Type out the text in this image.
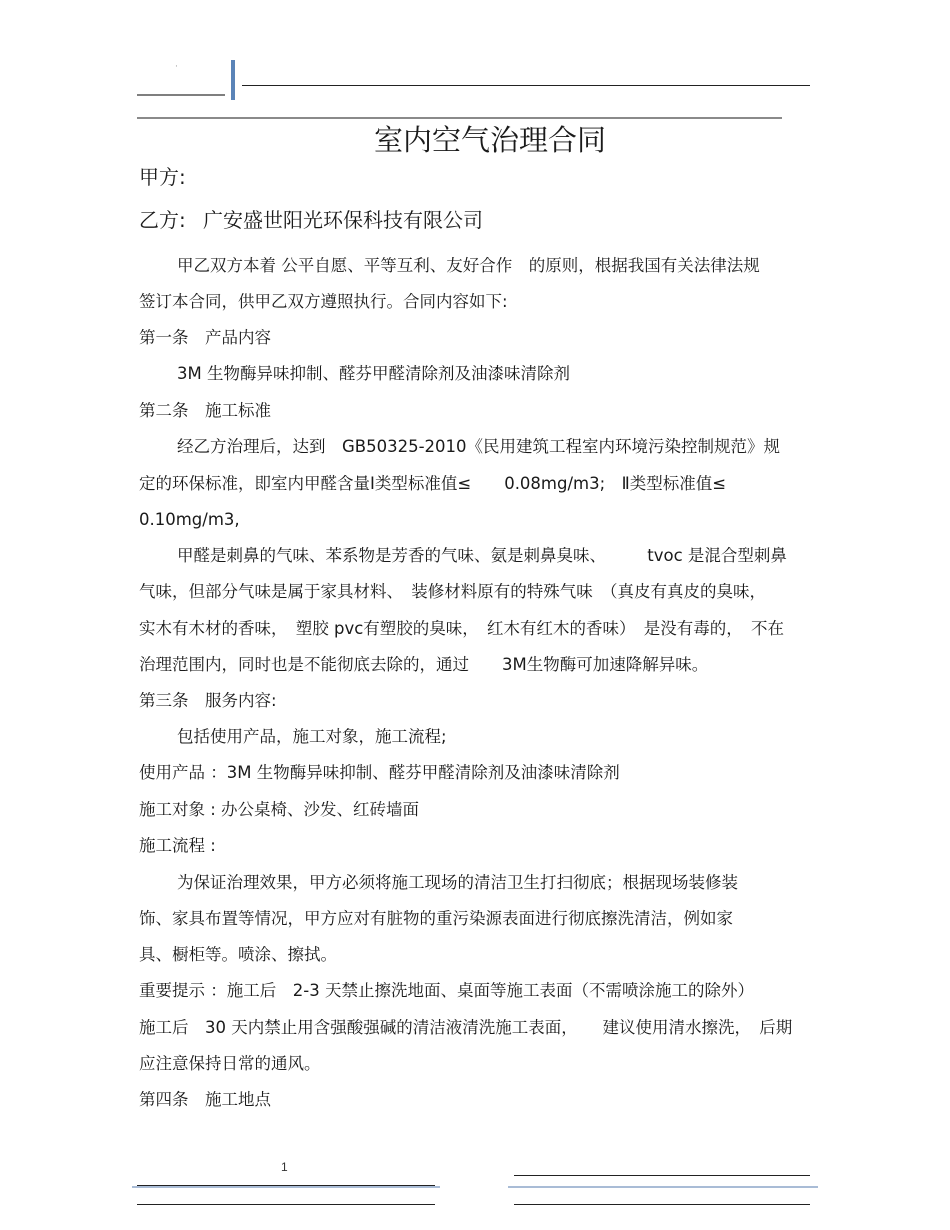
·
室内空气治理合同
甲方:
乙方: 广安盛世阳光环保科技有限公司
甲乙双方本着 公平自愿、平等互利、友好合作　的原则，根据我国有关法律法规
签订本合同，供甲乙双方遵照执行。合同内容如下:
第一条　产品内容
3M 生物酶异味抑制、醛芬甲醛清除剂及油漆味清除剂
第二条　施工标准
经乙方治理后，达到　GB50325-2010《民用建筑工程室内环境污染控制规范》规
定的环保标准，即室内甲醛含量Ⅰ类型标准值≤　　0.08mg/m3;　Ⅱ类型标准值≤
0.10mg/m3,
甲醛是刺鼻的气味、苯系物是芳香的气味、氨是刺鼻臭味、　　　tvoc 是混合型刺鼻
气味，但部分气味是属于家具材料、　装修材料原有的特殊气味　（真皮有真皮的臭味，
实木有木材的香味，　塑胶 pvc有塑胶的臭味，　红木有红木的香味）　是没有毒的，　不在
治理范围内，同时也是不能彻底去除的，通过　　3M生物酶可加速降解异味。
第三条　服务内容:
包括使用产品，施工对象，施工流程;
使用产品 ：3M 生物酶异味抑制、醛芬甲醛清除剂及油漆味清除剂
施工对象 : 办公桌椅、沙发、红砖墙面
施工流程 :
为保证治理效果，甲方必须将施工现场的清洁卫生打扫彻底；根据现场装修装
饰、家具布置等情况，甲方应对有脏物的重污染源表面进行彻底擦洗清洁，例如家
具、橱柜等。喷涂、擦拭。
重要提示 ：施工后　2-3 天禁止擦洗地面、桌面等施工表面（不需喷涂施工的除外）
施工后　30 天内禁止用含强酸强碱的清洁液清洗施工表面，　　建议使用清水擦洗，　后期
应注意保持日常的通风。
第四条　施工地点
1
